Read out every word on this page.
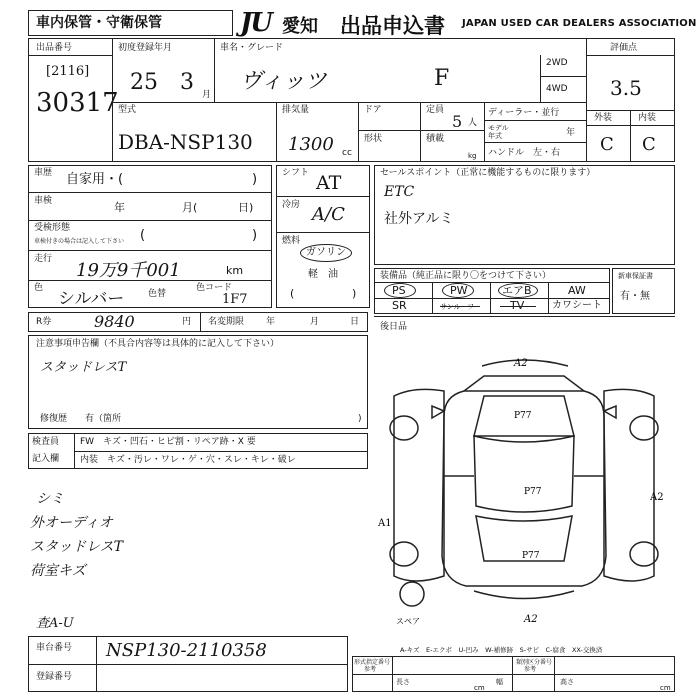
車内保管・守衛保管	JU 愛知 出品申込書 JAPAN USED CAR DEALERS ASSOCIATION
出品番号
[2116]
30317
初度登録年月
25 3 月
車名・グレード
ヴィッツ	F
2WD
4WD
評価点
3.5
外装	内装
C C
型式
DBA-NSP130
排気量
1300 cc
ドア
形状
定員
5 人
積載
kg
ディーラー・並行
モデル
年式	年
ハンドル　左・右
車歴 自家用・(	)
車検	年	月(	日)
受検形態
車検付きの場合は記入して下さい (	)
走行
19万9千001	km
色
シルバー	色替
色コード
1F7
シフト AT
冷房 A/C
燃料
ガソリン
軽　油
(	)
セールスポイント（正常に機能するものに限ります）
ETC
社外アルミ
装備品（純正品に限り〇をつけて下さい）
PS	PW	エアB	AW
SR	サンルーフ	TV	カワシート
新車保証書
有・無
R券	9840	円 名変期限 年	月	日
注意事項申告欄（不具合内容等は具体的に記入して下さい）
スタッドレスT
修復歴　　有（箇所	)
後日品
検査員
記入欄
FW　キズ・凹石・ヒビ割・リペア跡・X 要
内装　キズ・汚レ・ワレ・ゲ・穴・スレ・キレ・破レ
シミ
外オーディオ
スタッドレスT
荷室キズ
査A-U
A2
P77
P77
A1
A2
P77
A2
スペア
A-キズ　E-エクボ　U-凹み　W-補修跡　S-サビ　C-腐食　XX-交換済
車台番号 NSP130-2110358
登録番号
形式指定番号
参考
類別区分番号
参考
長さ
cm
幅	高さ
cm
